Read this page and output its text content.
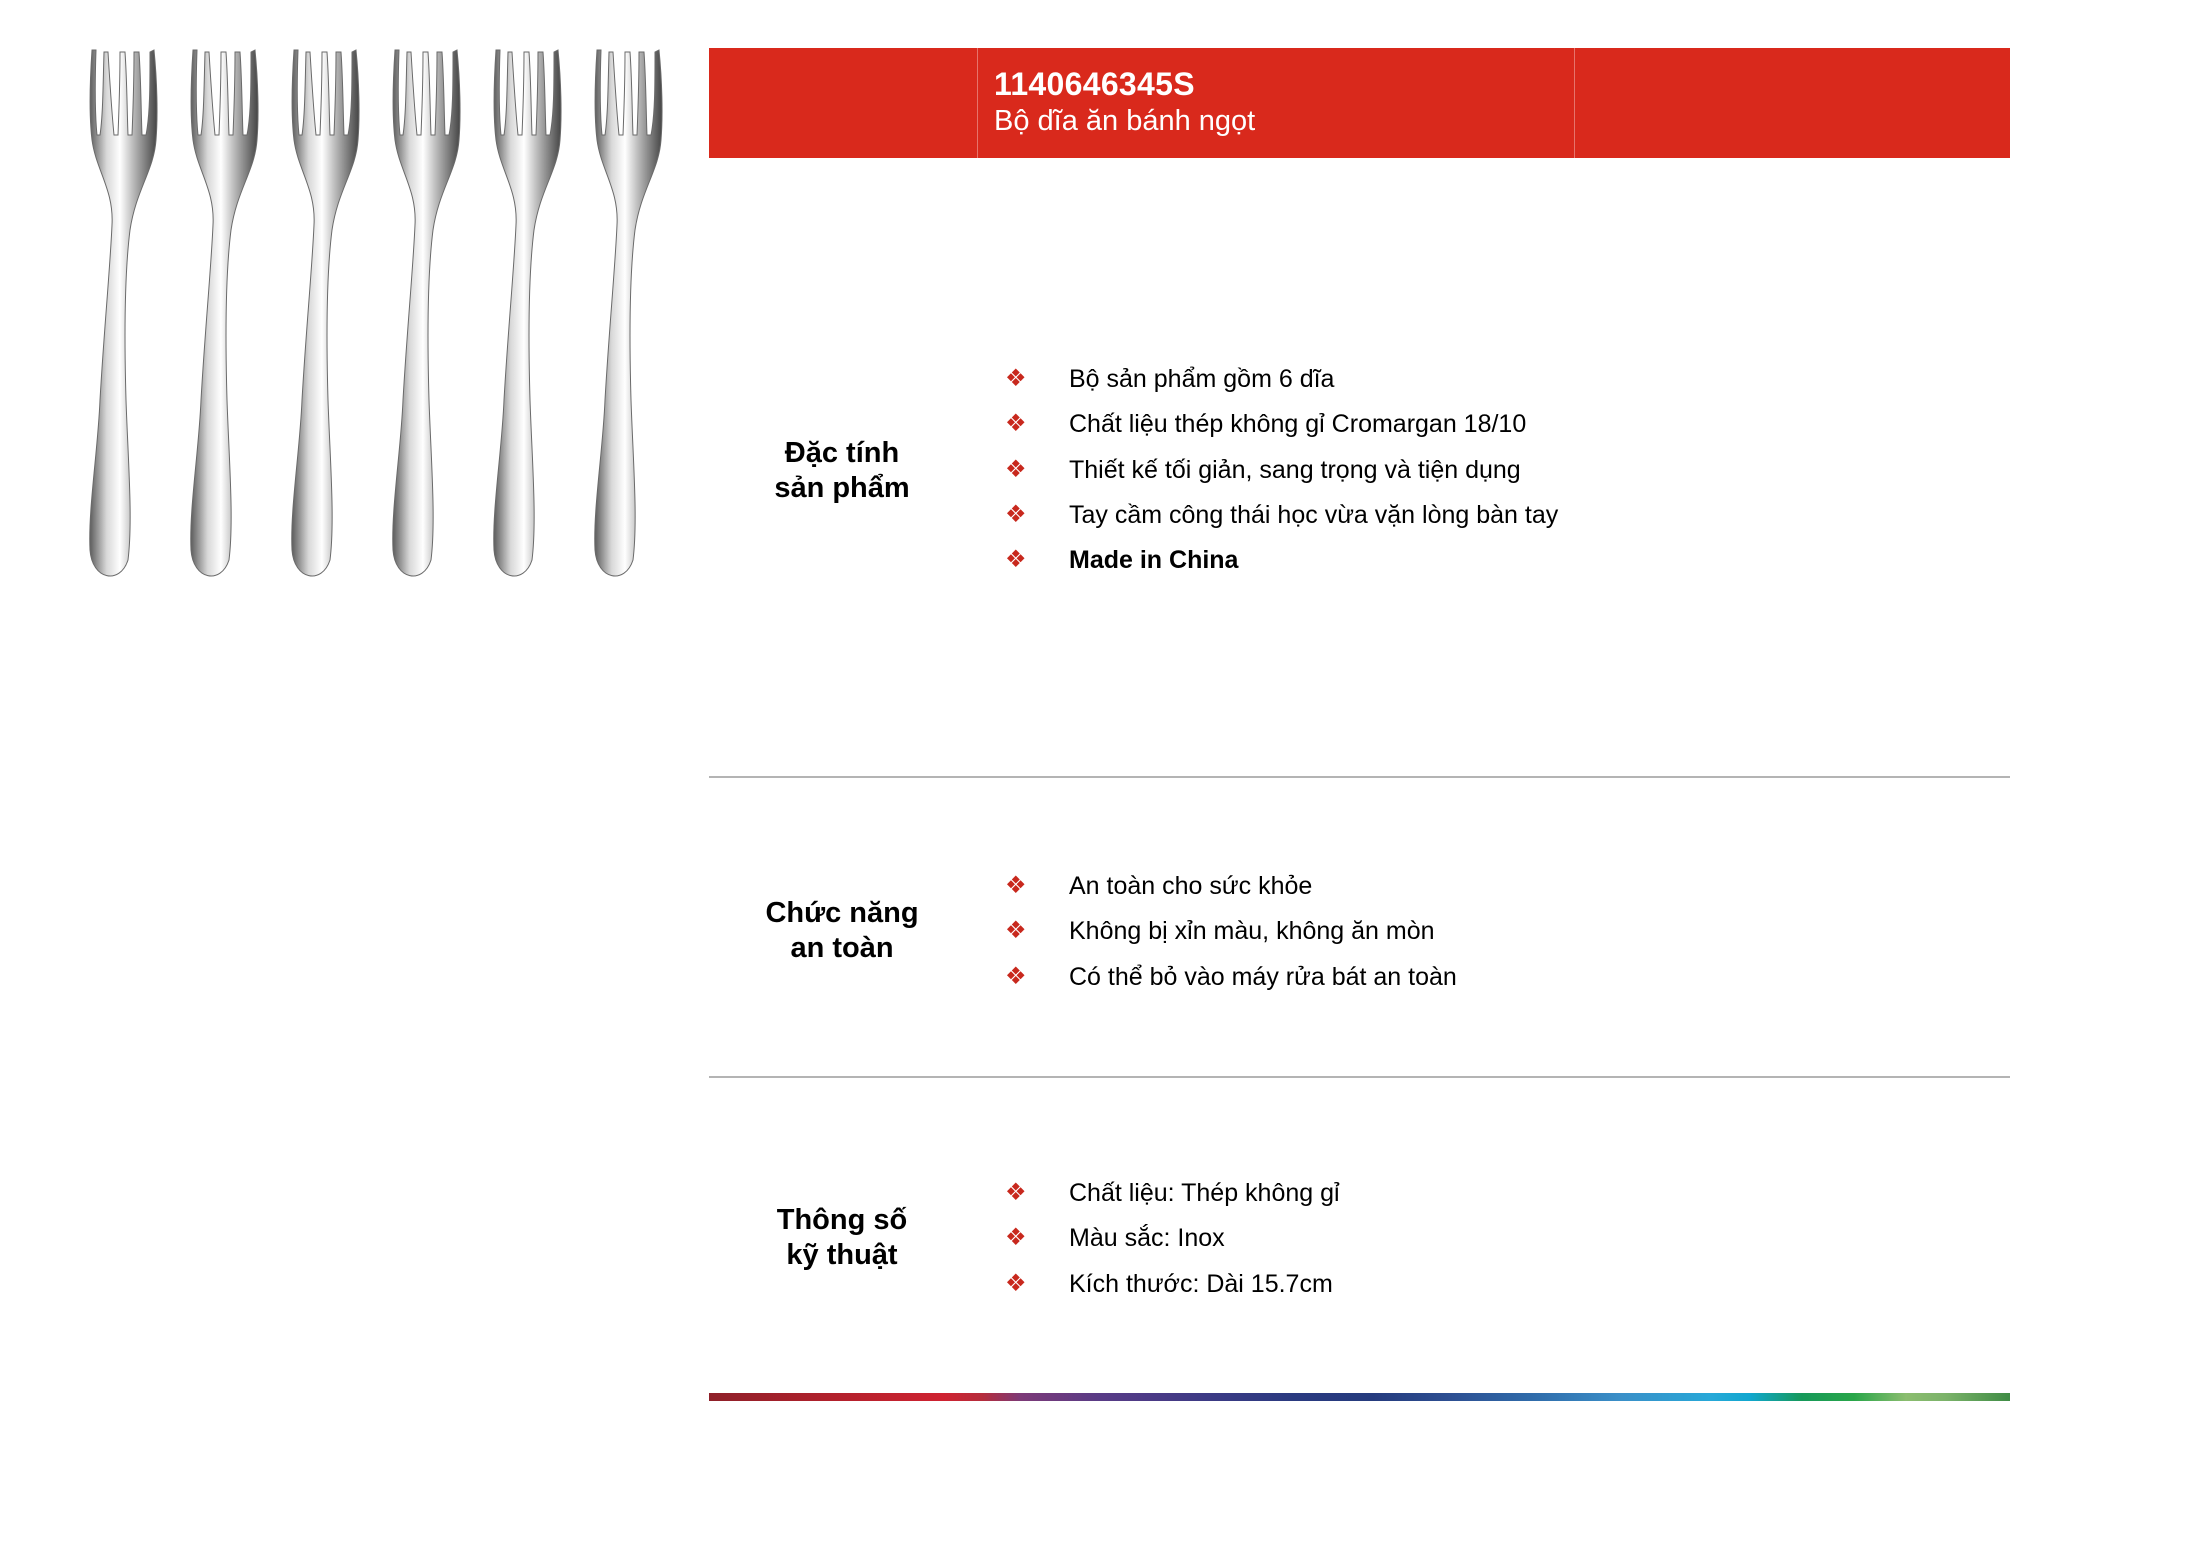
1140646345S
Bộ dĩa ăn bánh ngọt
Đặc tính
sản phẩm
❖ Bộ sản phẩm gồm 6 dĩa
❖ Chất liệu thép không gỉ Cromargan 18/10
❖ Thiết kế tối giản, sang trọng và tiện dụng
❖ Tay cầm công thái học vừa vặn lòng bàn tay
❖ Made in China
Chức năng
an toàn
❖ An toàn cho sức khỏe
❖ Không bị xỉn màu, không ăn mòn
❖ Có thể bỏ vào máy rửa bát an toàn
Thông số
kỹ thuật
❖ Chất liệu: Thép không gỉ
❖ Màu sắc: Inox
❖ Kích thước: Dài 15.7cm
